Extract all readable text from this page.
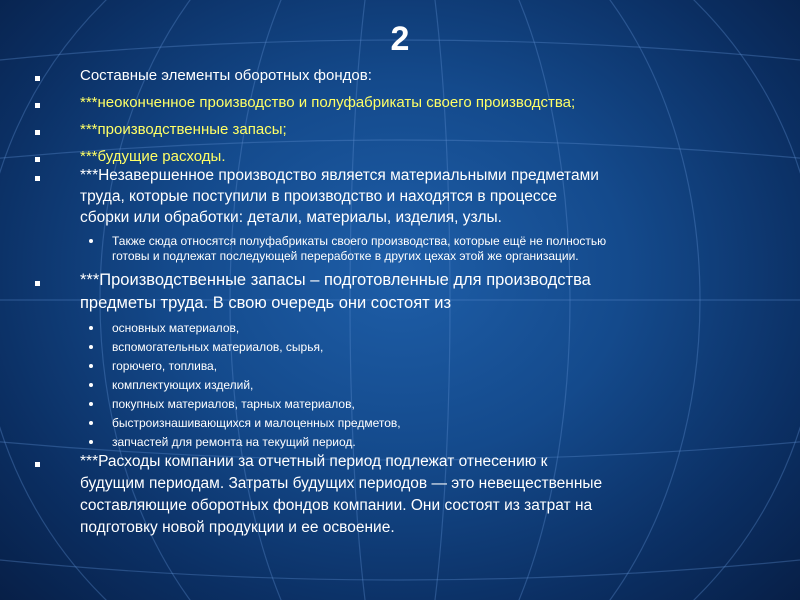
2
Составные элементы оборотных фондов:
***неоконченное производство и полуфабрикаты своего производства;
***производственные запасы;
***будущие расходы.
***Незавершенное производство является материальными предметами
труда, которые поступили в производство и находятся в процессе
сборки или обработки: детали, материалы, изделия, узлы.
Также сюда относятся полуфабрикаты своего производства, которые ещё не полностью
готовы и подлежат последующей переработке в других цехах этой же организации.
***Производственные запасы – подготовленные для производства
предметы труда. В свою очередь они состоят из
основных материалов,
вспомогательных материалов, сырья,
горючего, топлива,
комплектующих изделий,
покупных материалов, тарных материалов,
быстроизнашивающихся и малоценных предметов,
запчастей для ремонта на текущий период.
***Расходы компании за отчетный период подлежат отнесению к
будущим периодам. Затраты будущих периодов — это невещественные
составляющие оборотных фондов компании. Они состоят из затрат на
подготовку новой продукции и ее освоение.
